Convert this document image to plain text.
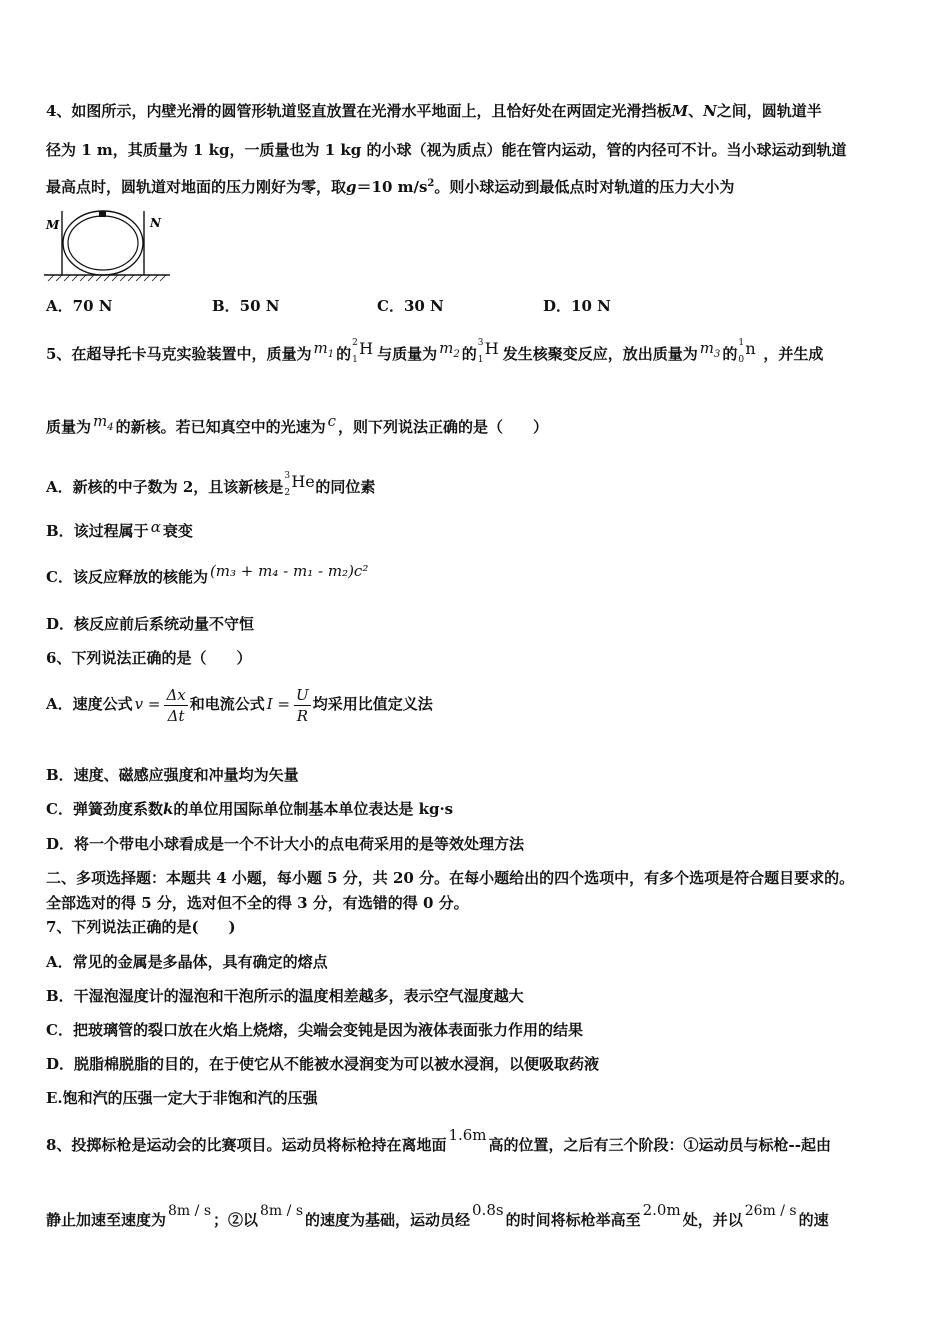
4、如图所示，内壁光滑的圆管形轨道竖直放置在光滑水平地面上，且恰好处在两固定光滑挡板M、N之间，圆轨道半
径为 1 m，其质量为 1 kg，一质量也为 1 kg 的小球（视为质点）能在管内运动，管的内径可不计。当小球运动到轨道
最高点时，圆轨道对地面的压力刚好为零，取g＝10 $m/s^2$。则小球运动到最低点时对轨道的压力大小为
M	N
A．70 N	B．50 N	C．30 N	D．10 N
5、在超导托卡马克实验装置中，质量为 $m_1$ 的
2
1
H 与质量为 $m_2$ 的
3
1
H 发生核聚变反应，放出质量为 $m_3$ 的
1
0
n ，并生成
质量为 $m_4$ 的新核。若已知真空中的光速为 c ，则下列说法正确的是（　　）
A．新核的中子数为 2，且该新核是
3
2
He 的同位素
B．该过程属于 α 衰变
C．该反应释放的核能为 (m₃ + m₄ - m₁ - m₂)c²
D．核反应前后系统动量不守恒
6、下列说法正确的是（　　）
A．速度公式 $v = \frac{\Delta x}{\Delta t}$ 和电流公式 $I = \frac{U}{R}$ 均采用比值定义法
B．速度、磁感应强度和冲量均为矢量
C．弹簧劲度系数k的单位用国际单位制基本单位表达是 kg·s
D．将一个带电小球看成是一个不计大小的点电荷采用的是等效处理方法
二、多项选择题：本题共 4 小题，每小题 5 分，共 20 分。在每小题给出的四个选项中，有多个选项是符合题目要求的。
全部选对的得 5 分，选对但不全的得 3 分，有选错的得 0 分。
7、下列说法正确的是(　　)
A．常见的金属是多晶体，具有确定的熔点
B．干湿泡湿度计的湿泡和干泡所示的温度相差越多，表示空气湿度越大
C．把玻璃管的裂口放在火焰上烧熔，尖端会变钝是因为液体表面张力作用的结果
D．脱脂棉脱脂的目的，在于使它从不能被水浸润变为可以被水浸润，以便吸取药液
E.饱和汽的压强一定大于非饱和汽的压强
8、投掷标枪是运动会的比赛项目。运动员将标枪持在离地面1.6m高的位置，之后有三个阶段：①运动员与标枪--起由
静止加速至速度为 8m / s ；②以 8m / s 的速度为基础，运动员经0.8s的时间将标枪举高至2.0m处，并以 26m / s 的速
